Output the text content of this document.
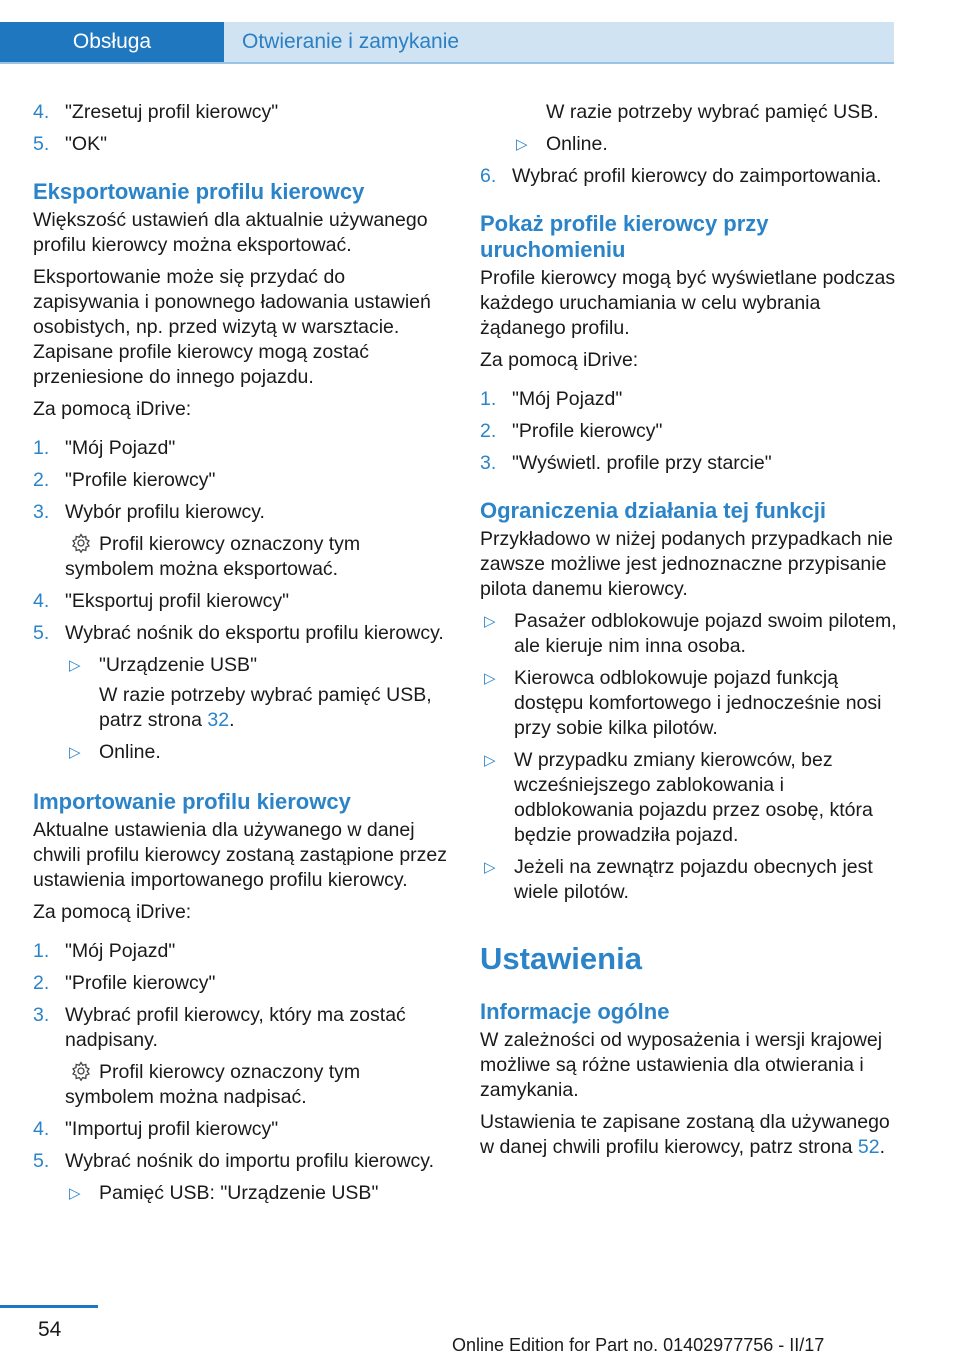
Obsługa	Otwieranie i zamykanie
4. "Zresetuj profil kierowcy"
5. "OK"
Eksportowanie profilu kierowcy

Większość ustawień dla aktualnie używanego profilu kierowcy można eksportować.

Eksportowanie może się przydać do zapisywania i ponownego ładowania ustawień osobistych, np. przed wizytą w warsztacie. Zapisane profile kierowcy mogą zostać przeniesione do innego pojazdu.

Za pomocą iDrive:

1. "Mój Pojazd"
2. "Profile kierowcy"
3. Wybór profilu kierowcy.

Profil kierowcy oznaczony tym symbolem można eksportować.

4. "Eksportuj profil kierowcy"
5. Wybrać nośnik do eksportu profilu kierowcy.
▷ "Urządzenie USB"

W razie potrzeby wybrać pamięć USB, patrz strona 32.

▷ Online.
Importowanie profilu kierowcy

Aktualne ustawienia dla używanego w danej chwili profilu kierowcy zostaną zastąpione przez ustawienia importowanego profilu kierowcy.

Za pomocą iDrive:

1. "Mój Pojazd"
2. "Profile kierowcy"
3. Wybrać profil kierowcy, który ma zostać nadpisany.

Profil kierowcy oznaczony tym symbolem można nadpisać.

4. "Importuj profil kierowcy"
5. Wybrać nośnik do importu profilu kierowcy.
▷ Pamięć USB: "Urządzenie USB"

W razie potrzeby wybrać pamięć USB.

▷ Online.
6. Wybrać profil kierowcy do zaimportowania.
Pokaż profile kierowcy przy uruchomieniu

Profile kierowcy mogą być wyświetlane podczas każdego uruchamiania w celu wybrania żądanego profilu.

Za pomocą iDrive:

1. "Mój Pojazd"
2. "Profile kierowcy"
3. "Wyświetl. profile przy starcie"
Ograniczenia działania tej funkcji

Przykładowo w niżej podanych przypadkach nie zawsze możliwe jest jednoznaczne przypisanie pilota danemu kierowcy.

▷ Pasażer odblokowuje pojazd swoim pilotem, ale kieruje nim inna osoba.
▷ Kierowca odblokowuje pojazd funkcją dostępu komfortowego i jednocześnie nosi przy sobie kilka pilotów.
▷ W przypadku zmiany kierowców, bez wcześniejszego zablokowania i odblokowania pojazdu przez osobę, która będzie prowadziła pojazd.
▷ Jeżeli na zewnątrz pojazdu obecnych jest wiele pilotów.
Ustawienia
Informacje ogólne

W zależności od wyposażenia i wersji krajowej możliwe są różne ustawienia dla otwierania i zamykania.

Ustawienia te zapisane zostaną dla używanego w danej chwili profilu kierowcy, patrz strona 52.

54
Online Edition for Part no. 01402977756 - II/17
